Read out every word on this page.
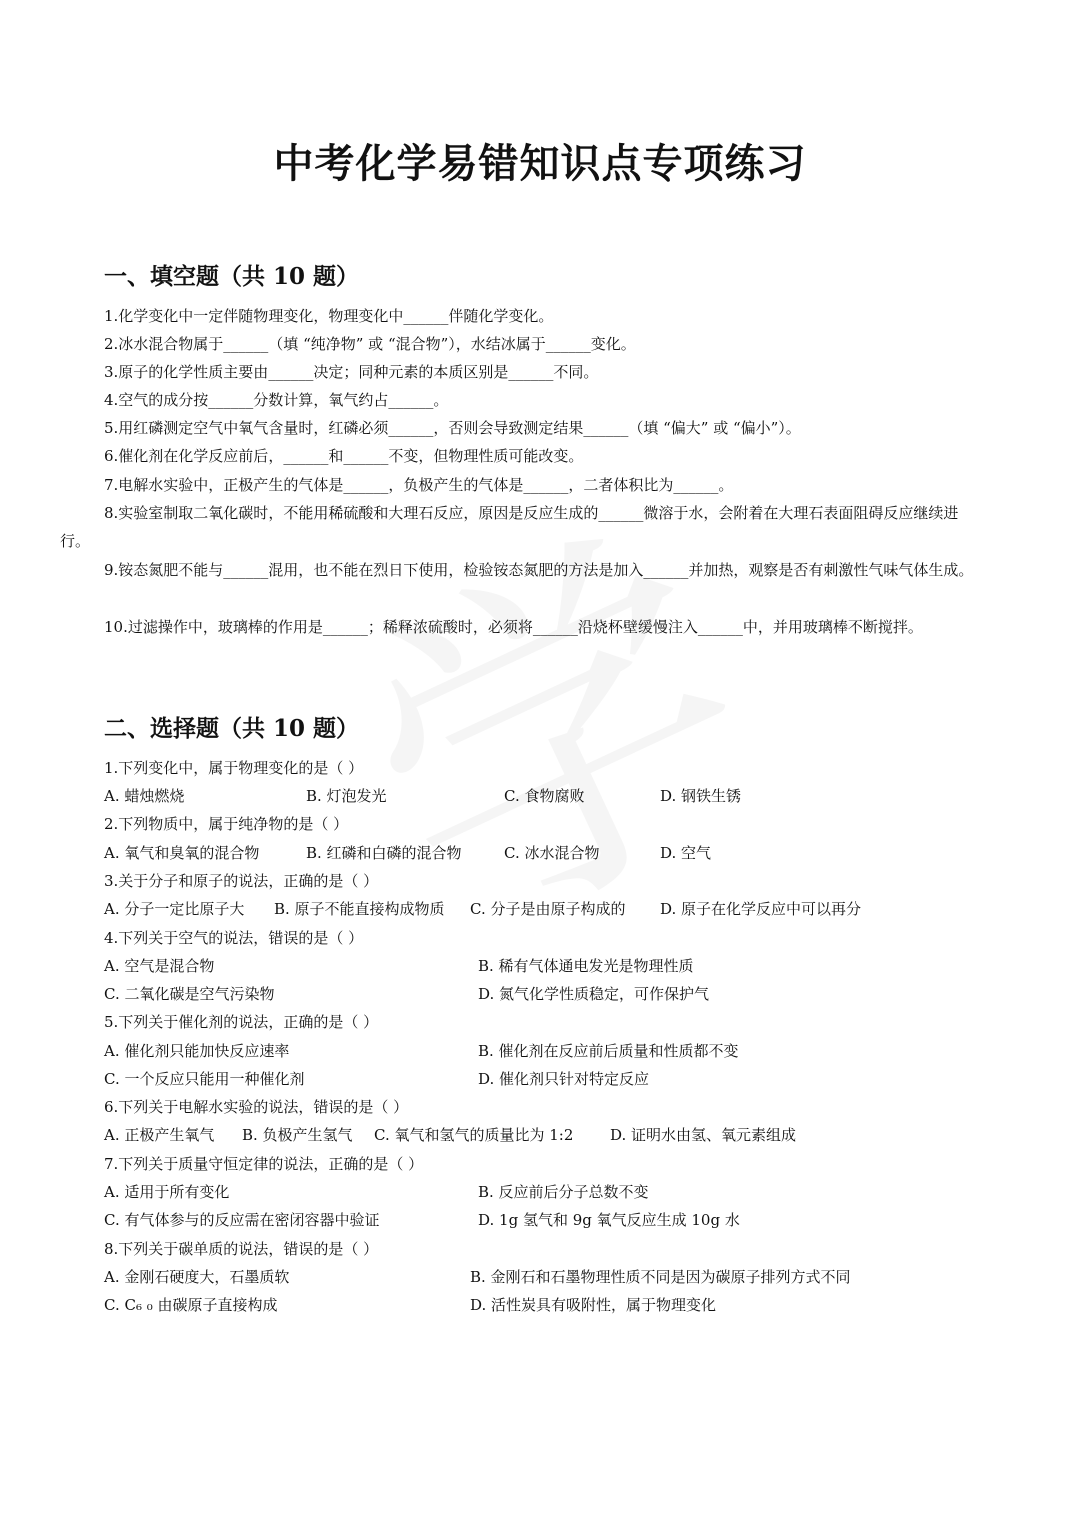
中考化学易错知识点专项练习
一、填空题（共 10 题）
1.化学变化中一定伴随物理变化，物理变化中______伴随化学变化。
2.冰水混合物属于______（填 “纯净物” 或 “混合物”），水结冰属于______变化。
3.原子的化学性质主要由______决定；同种元素的本质区别是______不同。
4.空气的成分按______分数计算，氧气约占______。
5.用红磷测定空气中氧气含量时，红磷必须______，否则会导致测定结果______（填 “偏大” 或 “偏小”）。
6.催化剂在化学反应前后，______和______不变，但物理性质可能改变。
7.电解水实验中，正极产生的气体是______，负极产生的气体是______，二者体积比为______。
8.实验室制取二氧化碳时，不能用稀硫酸和大理石反应，原因是反应生成的______微溶于水，会附着在大理石表面阻碍反应继续进行。
9.铵态氮肥不能与______混用，也不能在烈日下使用，检验铵态氮肥的方法是加入______并加热，观察是否有刺激性气味气体生成。
10.过滤操作中，玻璃棒的作用是______；稀释浓硫酸时，必须将______沿烧杯壁缓慢注入______中，并用玻璃棒不断搅拌。
二、选择题（共 10 题）
1.下列变化中，属于物理变化的是（ ）
A. 蜡烛燃烧	B. 灯泡发光	C. 食物腐败	D. 钢铁生锈
2.下列物质中，属于纯净物的是（ ）
A. 氧气和臭氧的混合物	B. 红磷和白磷的混合物	C. 冰水混合物	D. 空气
3.关于分子和原子的说法，正确的是（ ）
A. 分子一定比原子大 B. 原子不能直接构成物质 C. 分子是由原子构成的 D. 原子在化学反应中可以再分
4.下列关于空气的说法，错误的是（ ）
A. 空气是混合物	B. 稀有气体通电发光是物理性质
C. 二氧化碳是空气污染物	D. 氮气化学性质稳定，可作保护气
5.下列关于催化剂的说法，正确的是（ ）
A. 催化剂只能加快反应速率	B. 催化剂在反应前后质量和性质都不变
C. 一个反应只能用一种催化剂	D. 催化剂只针对特定反应
6.下列关于电解水实验的说法，错误的是（ ）
A. 正极产生氧气 B. 负极产生氢气 C. 氧气和氢气的质量比为 1:2 D. 证明水由氢、氧元素组成
7.下列关于质量守恒定律的说法，正确的是（ ）
A. 适用于所有变化	B. 反应前后分子总数不变
C. 有气体参与的反应需在密闭容器中验证	D. 1g 氢气和 9g 氧气反应生成 10g 水
8.下列关于碳单质的说法，错误的是（ ）
A. 金刚石硬度大，石墨质软	B. 金刚石和石墨物理性质不同是因为碳原子排列方式不同
C. C₆ ₀ 由碳原子直接构成	D. 活性炭具有吸附性，属于物理变化
